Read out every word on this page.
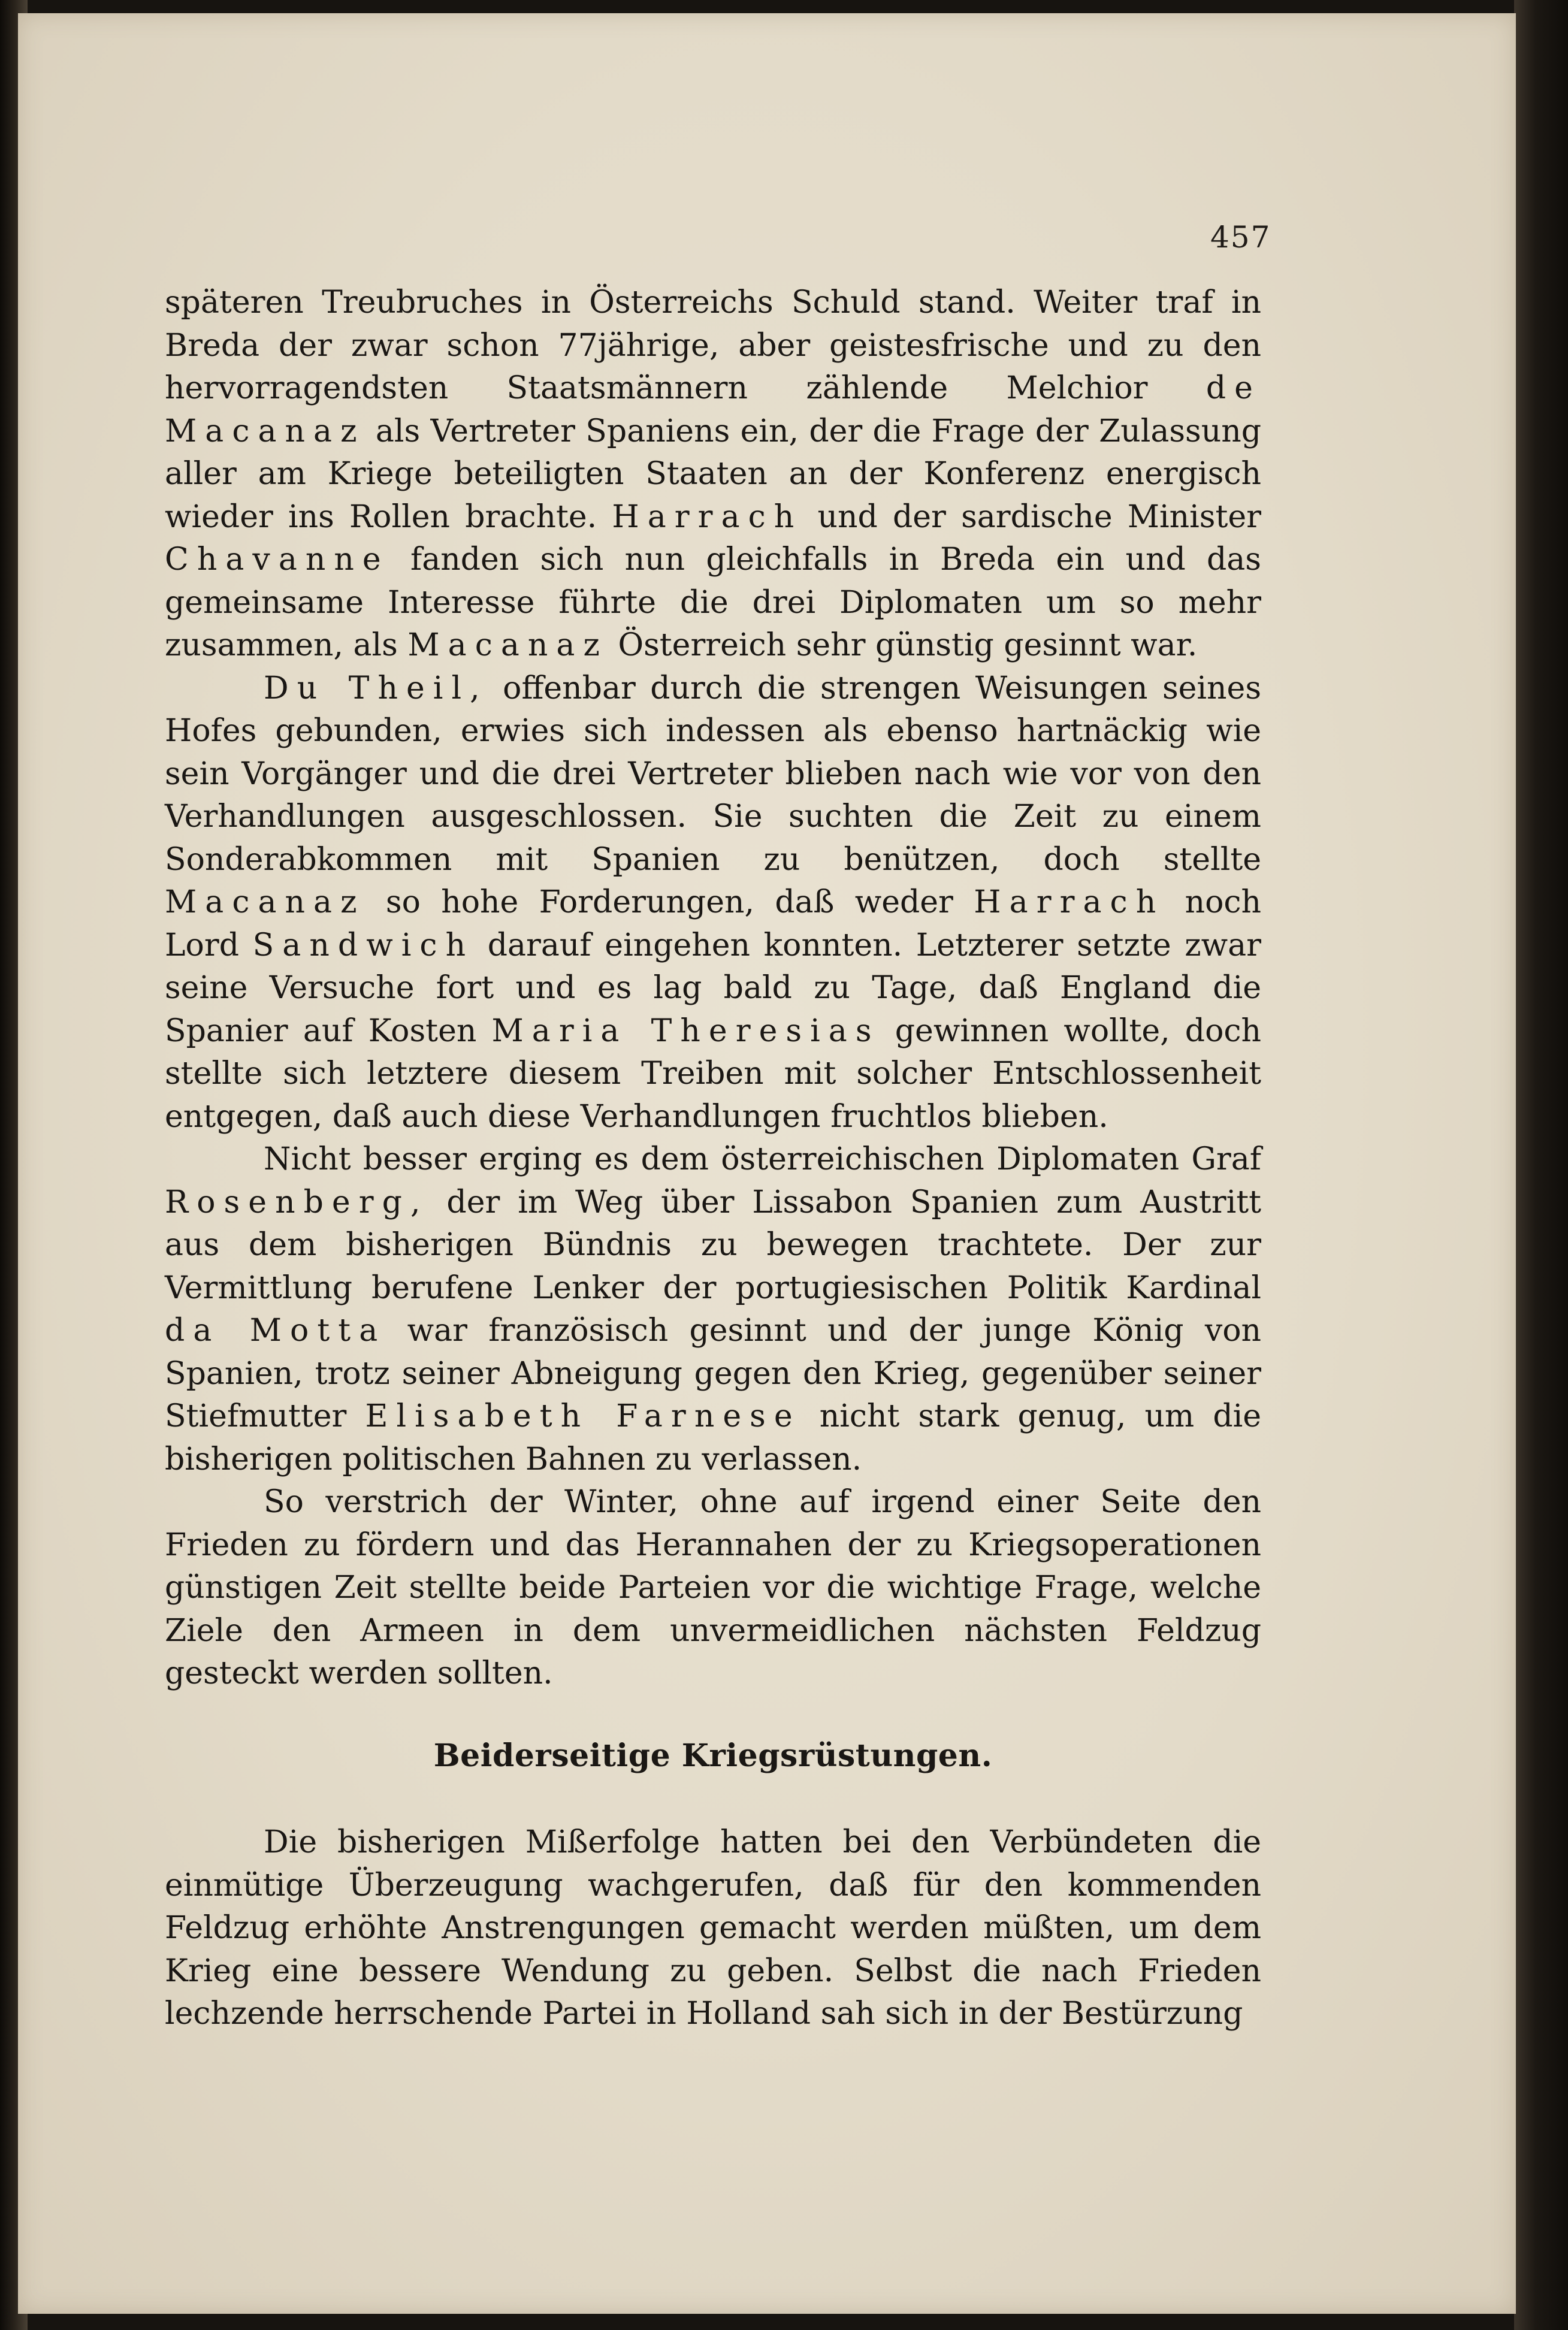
457

späteren Treubruches in Österreichs Schuld stand. Weiter traf in Breda der zwar schon 77jährige, aber geistesfrische und zu den hervorragendsten Staatsmännern zählende Melchior de Macanaz als Vertreter Spaniens ein, der die Frage der Zulassung aller am Kriege beteiligten Staaten an der Konferenz energisch wieder ins Rollen brachte. Harrach und der sardische Minister Chavanne fanden sich nun gleichfalls in Breda ein und das gemeinsame Interesse führte die drei Diplomaten um so mehr zusammen, als Macanaz Österreich sehr günstig gesinnt war.

Du Theil, offenbar durch die strengen Weisungen seines Hofes gebunden, erwies sich indessen als ebenso hartnäckig wie sein Vorgänger und die drei Vertreter blieben nach wie vor von den Verhandlungen ausgeschlossen. Sie suchten die Zeit zu einem Sonderabkommen mit Spanien zu benützen, doch stellte Macanaz so hohe Forderungen, daß weder Harrach noch Lord Sandwich darauf eingehen konnten. Letzterer setzte zwar seine Versuche fort und es lag bald zu Tage, daß England die Spanier auf Kosten Maria Theresias gewinnen wollte, doch stellte sich letztere diesem Treiben mit solcher Entschlossenheit entgegen, daß auch diese Verhandlungen fruchtlos blieben.

Nicht besser erging es dem österreichischen Diplomaten Graf Rosenberg, der im Weg über Lissabon Spanien zum Austritt aus dem bisherigen Bündnis zu bewegen trachtete. Der zur Vermittlung berufene Lenker der portugiesischen Politik Kardinal da Motta war französisch gesinnt und der junge König von Spanien, trotz seiner Abneigung gegen den Krieg, gegenüber seiner Stiefmutter Elisabeth Farnese nicht stark genug, um die bisherigen politischen Bahnen zu verlassen.

So verstrich der Winter, ohne auf irgend einer Seite den Frieden zu fördern und das Herannahen der zu Kriegsoperationen günstigen Zeit stellte beide Parteien vor die wichtige Frage, welche Ziele den Armeen in dem unvermeidlichen nächsten Feldzug gesteckt werden sollten.

Beiderseitige Kriegsrüstungen.

Die bisherigen Mißerfolge hatten bei den Verbündeten die einmütige Überzeugung wachgerufen, daß für den kommenden Feldzug erhöhte Anstrengungen gemacht werden müßten, um dem Krieg eine bessere Wendung zu geben. Selbst die nach Frieden lechzende herrschende Partei in Holland sah sich in der Bestürzung
